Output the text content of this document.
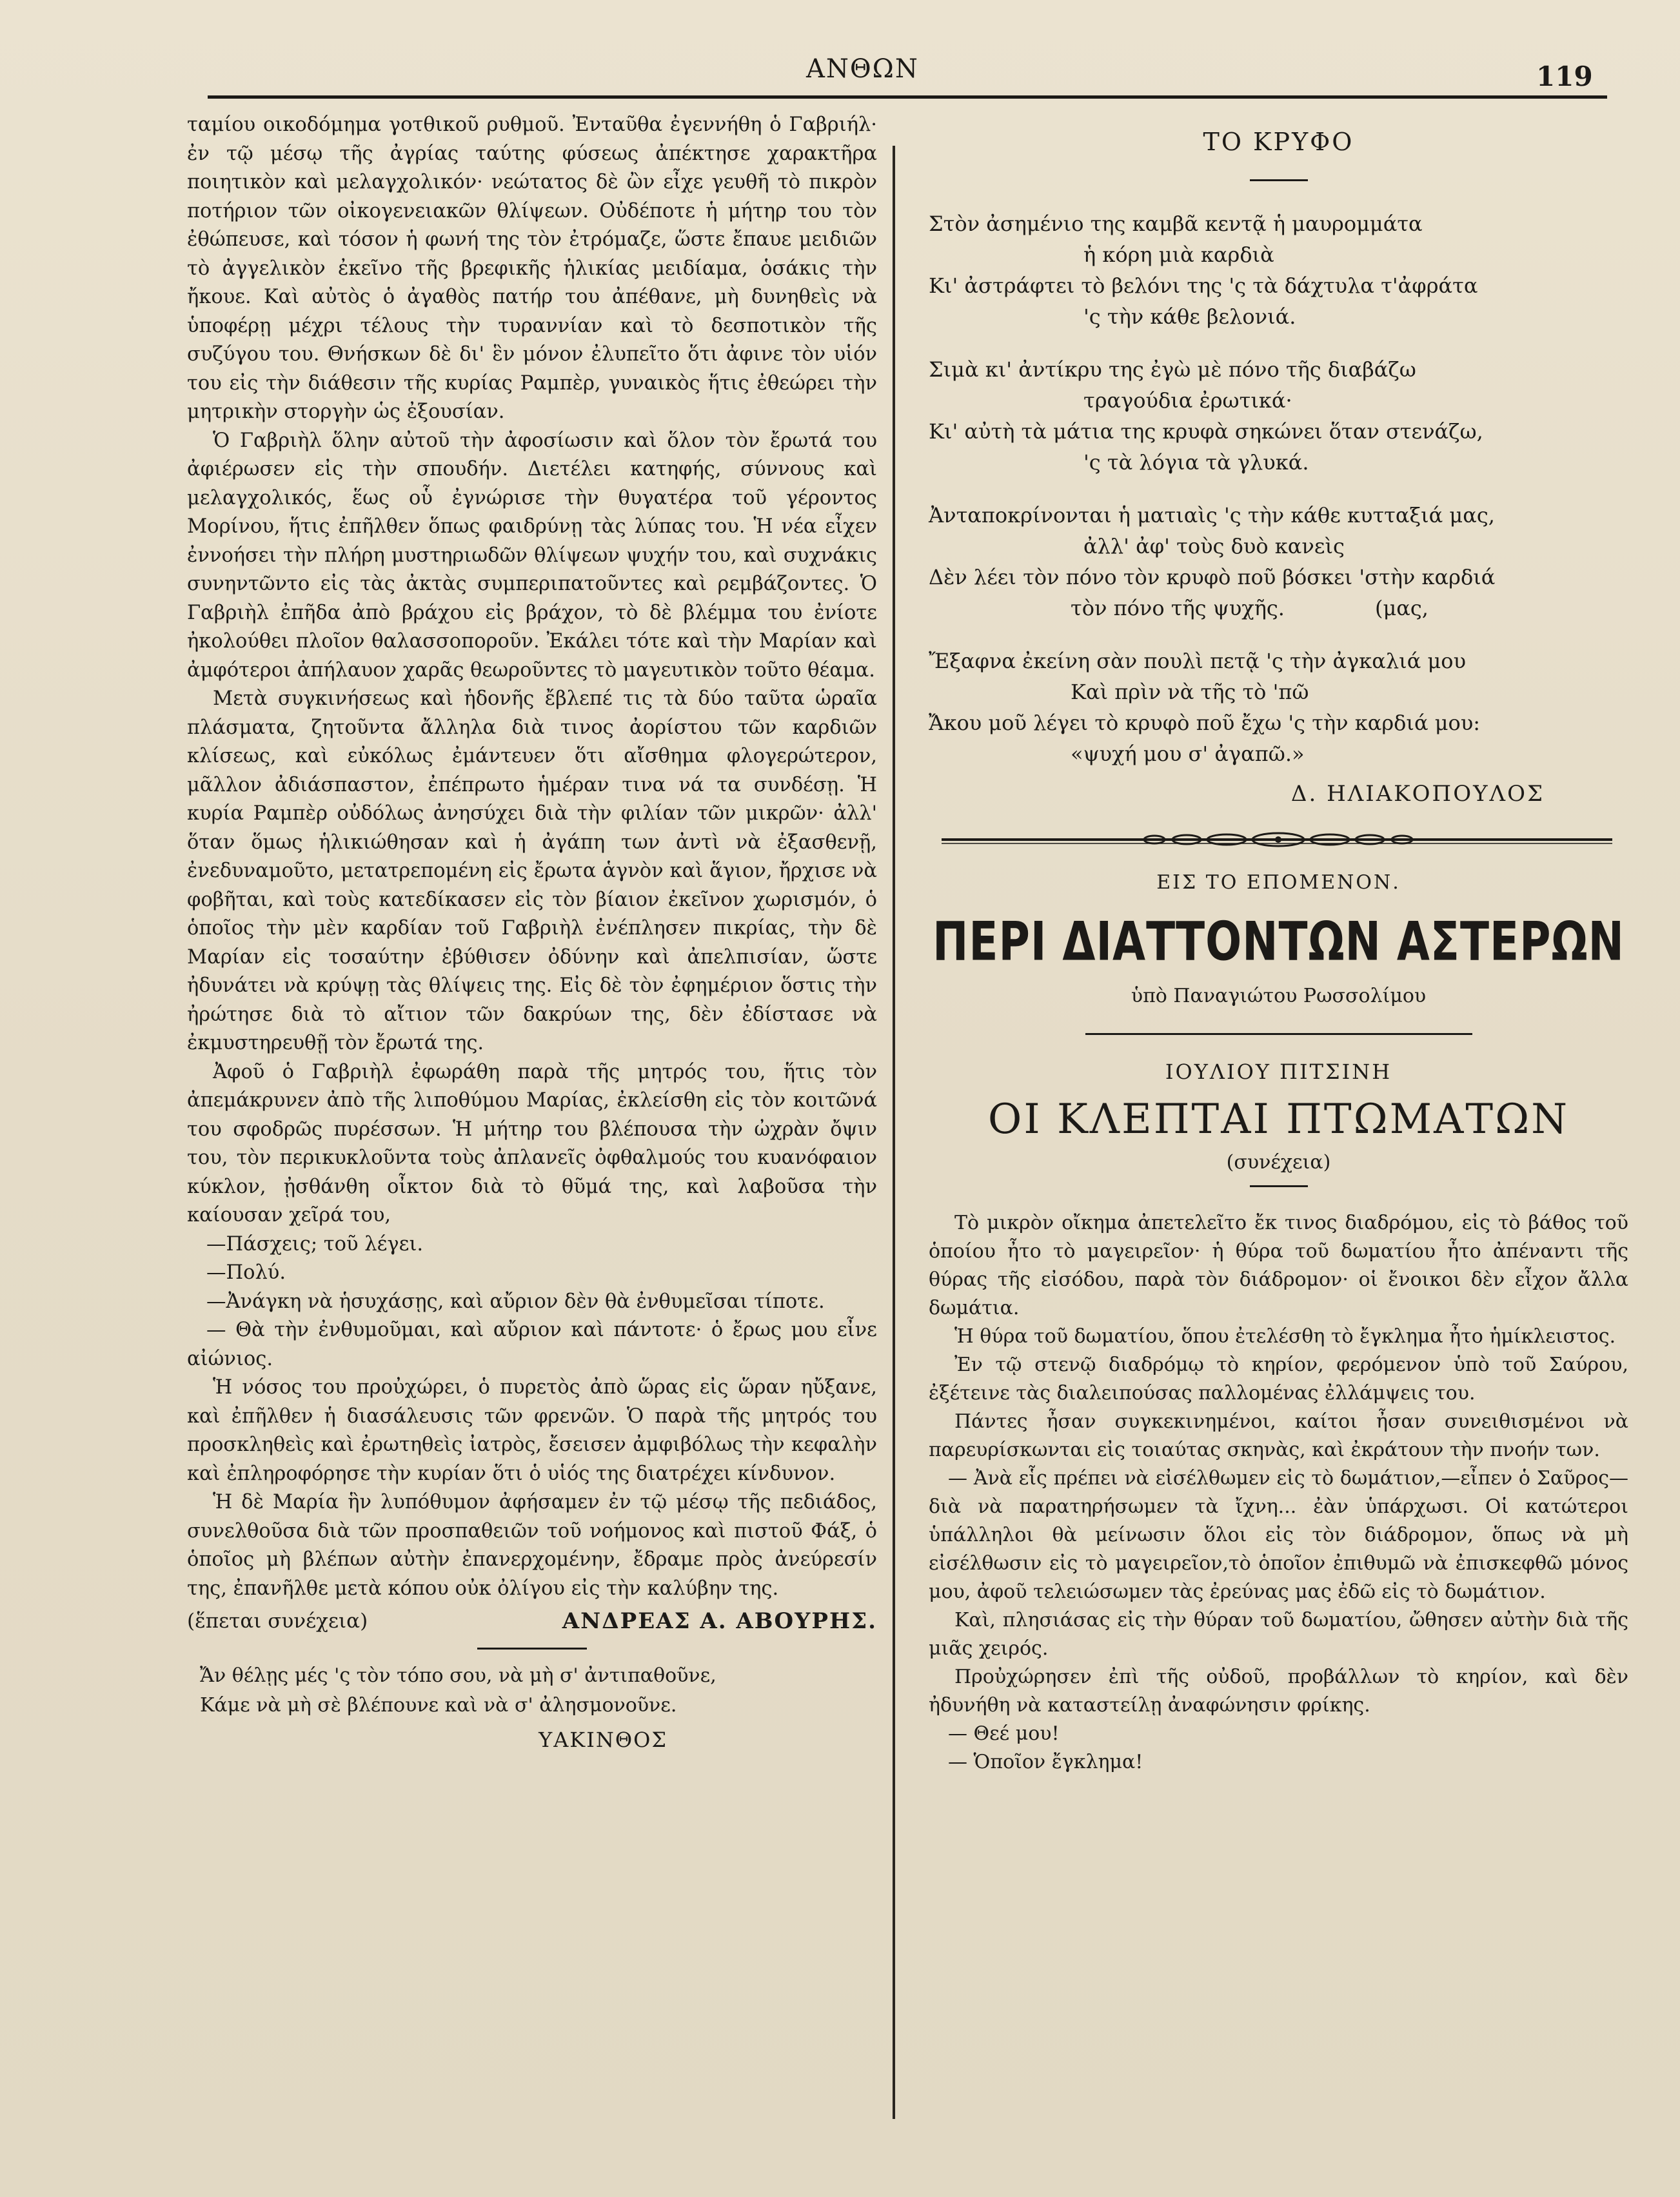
ΑΝΘΩΝ	119

ταμίου οικοδόμημα γοτθικοῦ ρυθμοῦ. Ἐνταῦθα ἐγεννήθη ὁ Γαβριήλ· ἐν τῷ μέσῳ τῆς ἀγρίας ταύτης φύσεως ἀπέκτησε χαρακτῆρα ποιητικὸν καὶ μελαγχολικόν· νεώτατος δὲ ὢν εἶχε γευθῆ τὸ πικρὸν ποτήριον τῶν οἰκογενειακῶν θλίψεων. Οὐδέποτε ἡ μήτηρ του τὸν ἐθώπευσε, καὶ τόσον ἡ φωνή της τὸν ἐτρόμαζε, ὥστε ἔπαυε μειδιῶν τὸ ἀγγελικὸν ἐκεῖνο τῆς βρεφικῆς ἡλικίας μειδίαμα, ὁσάκις τὴν ἤκουε. Καὶ αὐτὸς ὁ ἀγαθὸς πατήρ του ἀπέθανε, μὴ δυνηθεὶς νὰ ὑποφέρῃ μέχρι τέλους τὴν τυραννίαν καὶ τὸ δεσποτικὸν τῆς συζύγου του. Θνήσκων δὲ δι' ἓν μόνον ἐλυπεῖτο ὅτι ἀφινε τὸν υἱόν του εἰς τὴν διάθεσιν τῆς κυρίας Ραμπὲρ, γυναικὸς ἥτις ἐθεώρει τὴν μητρικὴν στοργὴν ὡς ἐξουσίαν.

Ὁ Γαβριὴλ ὅλην αὐτοῦ τὴν ἀφοσίωσιν καὶ ὅλον τὸν ἔρωτά του ἀφιέρωσεν εἰς τὴν σπουδήν. Διετέλει κατηφής, σύννους καὶ μελαγχολικός, ἕως οὗ ἐγνώρισε τὴν θυγατέρα τοῦ γέροντος Μορίνου, ἥτις ἐπῆλθεν ὅπως φαιδρύνῃ τὰς λύπας του. Ἡ νέα εἶχεν ἐννοήσει τὴν πλήρη μυστηριωδῶν θλίψεων ψυχήν του, καὶ συχνάκις συνηντῶντο εἰς τὰς ἀκτὰς συμπεριπατοῦντες καὶ ρεμβάζοντες. Ὁ Γαβριὴλ ἐπῆδα ἀπὸ βράχου εἰς βράχον, τὸ δὲ βλέμμα του ἐνίοτε ἠκολούθει πλοῖον θαλασσοποροῦν. Ἐκάλει τότε καὶ τὴν Μαρίαν καὶ ἀμφότεροι ἀπήλαυον χαρᾶς θεωροῦντες τὸ μαγευτικὸν τοῦτο θέαμα.

Μετὰ συγκινήσεως καὶ ἡδονῆς ἔβλεπέ τις τὰ δύο ταῦτα ὡραῖα πλάσματα, ζητοῦντα ἄλληλα διὰ τινος ἀορίστου τῶν καρδιῶν κλίσεως, καὶ εὐκόλως ἐμάντευεν ὅτι αἴσθημα φλογερώτερον, μᾶλλον ἀδιάσπαστον, ἐπέπρωτο ἡμέραν τινα νά τα συνδέσῃ. Ἡ κυρία Ραμπὲρ οὐδόλως ἀνησύχει διὰ τὴν φιλίαν τῶν μικρῶν· ἀλλ' ὅταν ὅμως ἡλικιώθησαν καὶ ἡ ἀγάπη των ἀντὶ νὰ ἐξασθενῇ, ἐνεδυναμοῦτο, μετατρεπομένη εἰς ἔρωτα ἁγνὸν καὶ ἅγιον, ἤρχισε νὰ φοβῆται, καὶ τοὺς κατεδίκασεν εἰς τὸν βίαιον ἐκεῖνον χωρισμόν, ὁ ὁποῖος τὴν μὲν καρδίαν τοῦ Γαβριὴλ ἐνέπλησεν πικρίας, τὴν δὲ Μαρίαν εἰς τοσαύτην ἐβύθισεν ὀδύνην καὶ ἀπελπισίαν, ὥστε ἠδυνάτει νὰ κρύψῃ τὰς θλίψεις της. Εἰς δὲ τὸν ἐφημέριον ὅστις τὴν ἠρώτησε διὰ τὸ αἴτιον τῶν δακρύων της, δὲν ἐδίστασε νὰ ἐκμυστηρευθῇ τὸν ἔρωτά της.

Ἀφοῦ ὁ Γαβριὴλ ἐφωράθη παρὰ τῆς μητρός του, ἥτις τὸν ἀπεμάκρυνεν ἀπὸ τῆς λιποθύμου Μαρίας, ἐκλείσθη εἰς τὸν κοιτῶνά του σφοδρῶς πυρέσσων. Ἡ μήτηρ του βλέπουσα τὴν ὠχρὰν ὄψιν του, τὸν περικυκλοῦντα τοὺς ἀπλανεῖς ὀφθαλμούς του κυανόφαιον κύκλον, ᾐσθάνθη οἶκτον διὰ τὸ θῦμά της, καὶ λαβοῦσα τὴν καίουσαν χεῖρά του,

—Πάσχεις; τοῦ λέγει.

—Πολύ.

—Ἀνάγκη νὰ ἡσυχάσῃς, καὶ αὔριον δὲν θὰ ἐνθυμεῖσαι τίποτε.

— Θὰ τὴν ἐνθυμοῦμαι, καὶ αὔριον καὶ πάντοτε· ὁ ἔρως μου εἶνε αἰώνιος.

Ἡ νόσος του προὐχώρει, ὁ πυρετὸς ἀπὸ ὥρας εἰς ὥραν ηὔξανε, καὶ ἐπῆλθεν ἡ διασάλευσις τῶν φρενῶν. Ὁ παρὰ τῆς μητρός του προσκληθεὶς καὶ ἐρωτηθεὶς ἰατρὸς, ἔσεισεν ἀμφιβόλως τὴν κεφαλὴν καὶ ἐπληροφόρησε τὴν κυρίαν ὅτι ὁ υἱός της διατρέχει κίνδυνον.

Ἡ δὲ Μαρία ἣν λυπόθυμον ἀφήσαμεν ἐν τῷ μέσῳ τῆς πεδιάδος, συνελθοῦσα διὰ τῶν προσπαθειῶν τοῦ νοήμονος καὶ πιστοῦ Φάξ, ὁ ὁποῖος μὴ βλέπων αὐτὴν ἐπανερχομένην, ἔδραμε πρὸς ἀνεύρεσίν της, ἐπανῆλθε μετὰ κόπου οὐκ ὀλίγου εἰς τὴν καλύβην της.

(ἕπεται συνέχεια)	ΑΝΔΡΕΑΣ Α. ΑΒΟΥΡΗΣ.
Ἄν θέλῃς μές 'ς τὸν τόπο σου, νὰ μὴ σ' ἀντιπαθοῦνε,
Κάμε νὰ μὴ σὲ βλέπουνε καὶ νὰ σ' ἀλησμονοῦνε.
ΥΑΚΙΝΘΟΣ
ΤΟ ΚΡΥΦΟ
Στὸν ἀσημένιο της καμβᾶ κεντᾷ ἡ μαυρομμάτα
ἡ κόρη μιὰ καρδιὰ
Κι' ἀστράφτει τὸ βελόνι της 'ς τὰ δάχτυλα τ'ἀφράτα
'ς τὴν κάθε βελονιά.
Σιμὰ κι' ἀντίκρυ της ἐγὼ μὲ πόνο τῆς διαβάζω
τραγούδια ἐρωτικά·
Κι' αὐτὴ τὰ μάτια της κρυφὰ σηκώνει ὅταν στενάζω,
'ς τὰ λόγια τὰ γλυκά.
Ἀνταποκρίνονται ἡ ματιαὶς 'ς τὴν κάθε κυτταξιά μας,
ἀλλ' ἀφ' τοὺς δυὸ κανεὶς
Δὲν λέει τὸν πόνο τὸν κρυφὸ ποῦ βόσκει 'στὴν καρδιά
τὸν πόνο τῆς ψυχῆς.	(μας,
Ἔξαφνα ἐκείνη σὰν πουλὶ πετᾷ 'ς τὴν ἀγκαλιά μου
Καὶ πρὶν νὰ τῆς τὸ 'πῶ
Ἄκου μοῦ λέγει τὸ κρυφὸ ποῦ ἔχω 'ς τὴν καρδιά μου:
«ψυχή μου σ' ἀγαπῶ.»
Δ. ΗΛΙΑΚΟΠΟΥΛΟΣ
ΕΙΣ ΤΟ ΕΠΟΜΕΝΟΝ.
ΠΕΡΙ ΔΙΑΤΤΟΝΤΩΝ ΑΣΤΕΡΩΝ
ὑπὸ Παναγιώτου Ρωσσολίμου
ΙΟΥΛΙΟΥ ΠΙΤΣΙΝΗ
ΟΙ ΚΛΕΠΤΑΙ ΠΤΩΜΑΤΩΝ
(συνέχεια)

Τὸ μικρὸν οἴκημα ἀπετελεῖτο ἔκ τινος διαδρόμου, εἰς τὸ βάθος τοῦ ὁποίου ἦτο τὸ μαγειρεῖον· ἡ θύρα τοῦ δωματίου ἦτο ἀπέναντι τῆς θύρας τῆς εἰσόδου, παρὰ τὸν διάδρομον· οἱ ἔνοικοι δὲν εἶχον ἄλλα δωμάτια.

Ἡ θύρα τοῦ δωματίου, ὅπου ἐτελέσθη τὸ ἔγκλημα ἦτο ἡμίκλειστος.

Ἐν τῷ στενῷ διαδρόμῳ τὸ κηρίον, φερόμενον ὑπὸ τοῦ Σαύρου, ἐξέτεινε τὰς διαλειπούσας παλλομένας ἐλλάμψεις του.

Πάντες ἦσαν συγκεκινημένοι, καίτοι ἦσαν συνειθισμένοι νὰ παρευρίσκωνται εἰς τοιαύτας σκηνὰς, καὶ ἐκράτουν τὴν πνοήν των.

— Ἀνὰ εἷς πρέπει νὰ εἰσέλθωμεν εἰς τὸ δωμάτιον,—εἶπεν ὁ Σαῦρος—διὰ νὰ παρατηρήσωμεν τὰ ἴχνη... ἐὰν ὑπάρχωσι. Οἱ κατώτεροι ὑπάλληλοι θὰ μείνωσιν ὅλοι εἰς τὸν διάδρομον, ὅπως νὰ μὴ εἰσέλθωσιν εἰς τὸ μαγειρεῖον,τὸ ὁποῖον ἐπιθυμῶ νὰ ἐπισκεφθῶ μόνος μου, ἀφοῦ τελειώσωμεν τὰς ἐρεύνας μας ἐδῶ εἰς τὸ δωμάτιον.

Καὶ, πλησιάσας εἰς τὴν θύραν τοῦ δωματίου, ὤθησεν αὐτὴν διὰ τῆς μιᾶς χειρός.

Προὐχώρησεν ἐπὶ τῆς οὐδοῦ, προβάλλων τὸ κηρίον, καὶ δὲν ἠδυνήθη νὰ καταστείλῃ ἀναφώνησιν φρίκης.

— Θεέ μου!

— Ὁποῖον ἔγκλημα!
